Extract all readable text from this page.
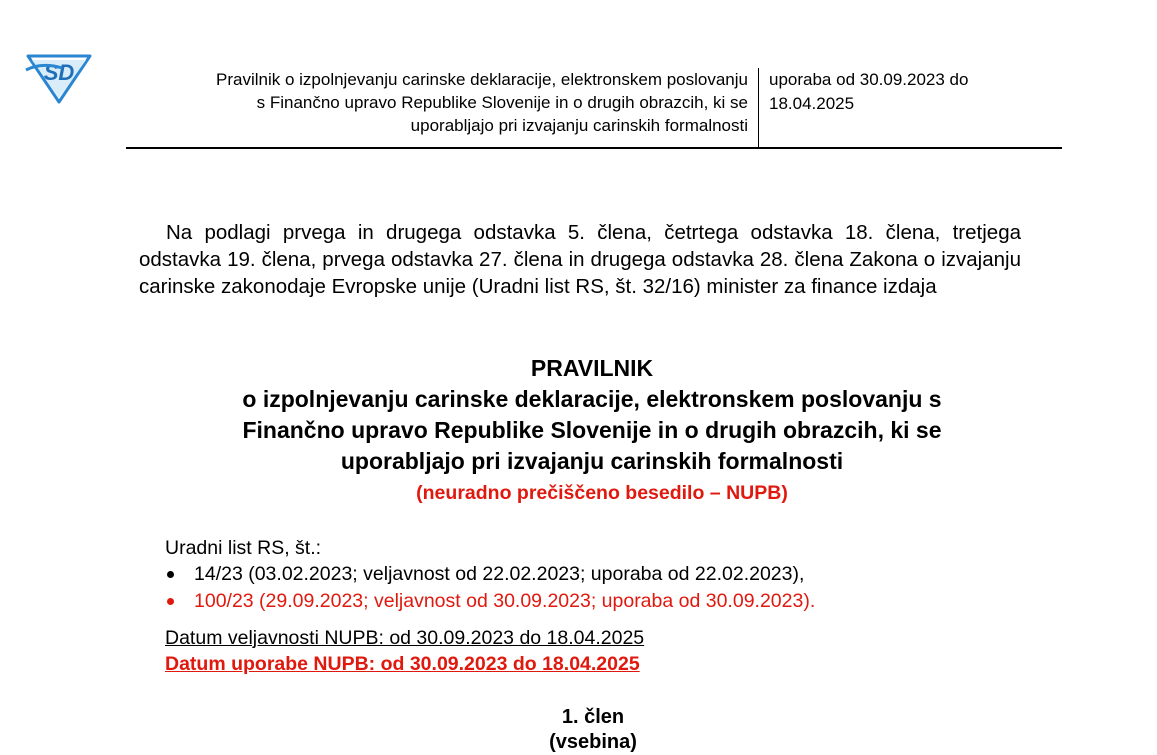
SD	Pravilnik o izpolnjevanju carinske deklaracije, elektronskem poslovanju
s Finančno upravo Republike Slovenije in o drugih obrazcih, ki se
uporabljajo pri izvajanju carinskih formalnosti
uporaba od 30.09.2023 do
18.04.2025
Na podlagi prvega in drugega odstavka 5. člena, četrtega odstavka 18. člena, tretjega odstavka 19. člena, prvega odstavka 27. člena in drugega odstavka 28. člena Zakona o izvajanju carinske zakonodaje Evropske unije (Uradni list RS, št. 32/16) minister za finance izdaja
PRAVILNIK
o izpolnjevanju carinske deklaracije, elektronskem poslovanju s
Finančno upravo Republike Slovenije in o drugih obrazcih, ki se
uporabljajo pri izvajanju carinskih formalnosti
(neuradno prečiščeno besedilo – NUPB)
Uradni list RS, št.:
14/23 (03.02.2023; veljavnost od 22.02.2023; uporaba od 22.02.2023),
100/23 (29.09.2023; veljavnost od 30.09.2023; uporaba od 30.09.2023).
Datum veljavnosti NUPB: od 30.09.2023 do 18.04.2025
Datum uporabe NUPB: od 30.09.2023 do 18.04.2025
1. člen
(vsebina)
